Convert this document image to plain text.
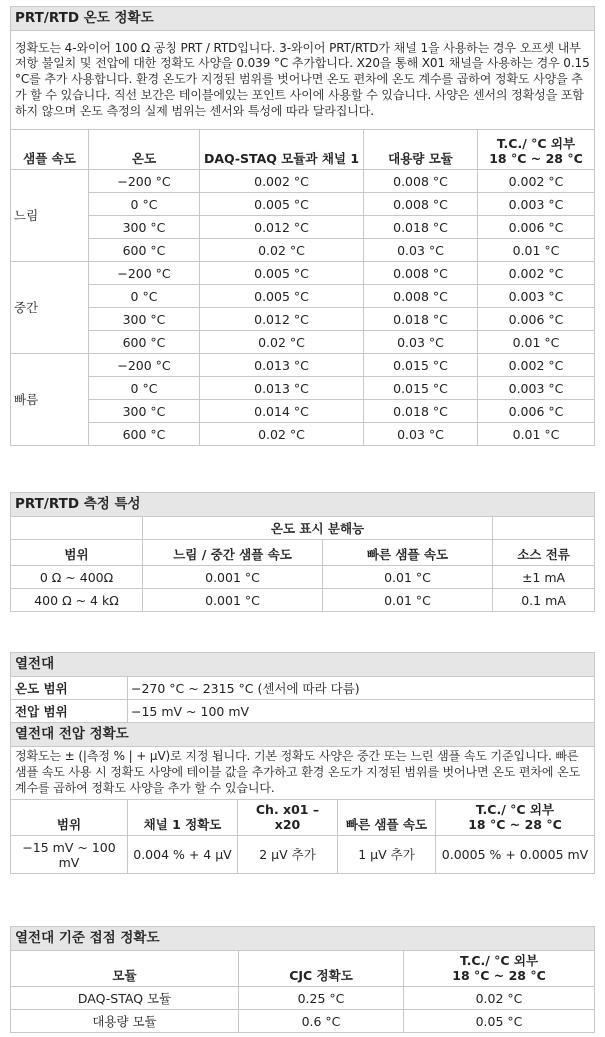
PRT/RTD 온도 정확도				
정확도는 4-와이어 100 Ω 공칭 PRT / RTD입니다. 3-와이어 PRT/RTD가 채널 1을 사용하는 경우 오프셋 내부 저항 불일치 및 전압에 대한 정확도 사양을 0.039 °C 추가합니다. X20을 통해 X01 채널을 사용하는 경우 0.15 °C를 추가 사용합니다. 환경 온도가 지정된 범위를 벗어나면 온도 편차에 온도 계수를 곱하여 정확도 사양을 추가 할 수 있습니다. 직선 보간은 테이블에있는 포인트 사이에 사용할 수 있습니다. 사양은 센서의 정확성을 포함하지 않으며 온도 측정의 실제 범위는 센서와 특성에 따라 달라집니다.				
샘플 속도	온도	DAQ-STAQ 모듈과 채널 1	대용량 모듈	T.C./ °C 외부
18 °C ~ 28 °C
느림	−200 °C	0.002 °C	0.008 °C	0.002 °C
	0 °C	0.005 °C	0.008 °C	0.003 °C
	300 °C	0.012 °C	0.018 °C	0.006 °C
	600 °C	0.02 °C	0.03 °C	0.01 °C
중간	−200 °C	0.005 °C	0.008 °C	0.002 °C
	0 °C	0.005 °C	0.008 °C	0.003 °C
	300 °C	0.012 °C	0.018 °C	0.006 °C
	600 °C	0.02 °C	0.03 °C	0.01 °C
빠름	−200 °C	0.013 °C	0.015 °C	0.002 °C
	0 °C	0.013 °C	0.015 °C	0.003 °C
	300 °C	0.014 °C	0.018 °C	0.006 °C
	600 °C	0.02 °C	0.03 °C	0.01 °C
PRT/RTD 측정 특성			
	온도 표시 분해능		
범위	느림 / 중간 샘플 속도	빠른 샘플 속도	소스 전류
0 Ω ~ 400Ω	0.001 °C	0.01 °C	±1 mA
400 Ω ~ 4 kΩ	0.001 °C	0.01 °C	0.1 mA
열전대				
온도 범위	−270 °C ~ 2315 °C (센서에 따라 다름)			
전압 범위	−15 mV ~ 100 mV			
열전대 전압 정확도				
정확도는 ± (|측정 % | + μV)로 지정 됩니다. 기본 정확도 사양은 중간 또는 느린 샘플 속도 기준입니다. 빠른 샘플 속도 사용 시 정확도 사양에 테이블 값을 추가하고 환경 온도가 지정된 범위를 벗어나면 온도 편차에 온도 계수를 곱하여 정확도 사양을 추가 할 수 있습니다.				
범위	채널 1 정확도	Ch. x01 – x20	빠른 샘플 속도	T.C./ °C 외부
18 °C ~ 28 °C
−15 mV ~ 100 mV	0.004 % + 4 μV	2 μV 추가	1 μV 추가	0.0005 % + 0.0005 mV
열전대 기준 접점 정확도		
모듈	CJC 정확도	T.C./ °C 외부
18 °C ~ 28 °C
DAQ-STAQ 모듈	0.25 °C	0.02 °C
대용량 모듈	0.6 °C	0.05 °C
